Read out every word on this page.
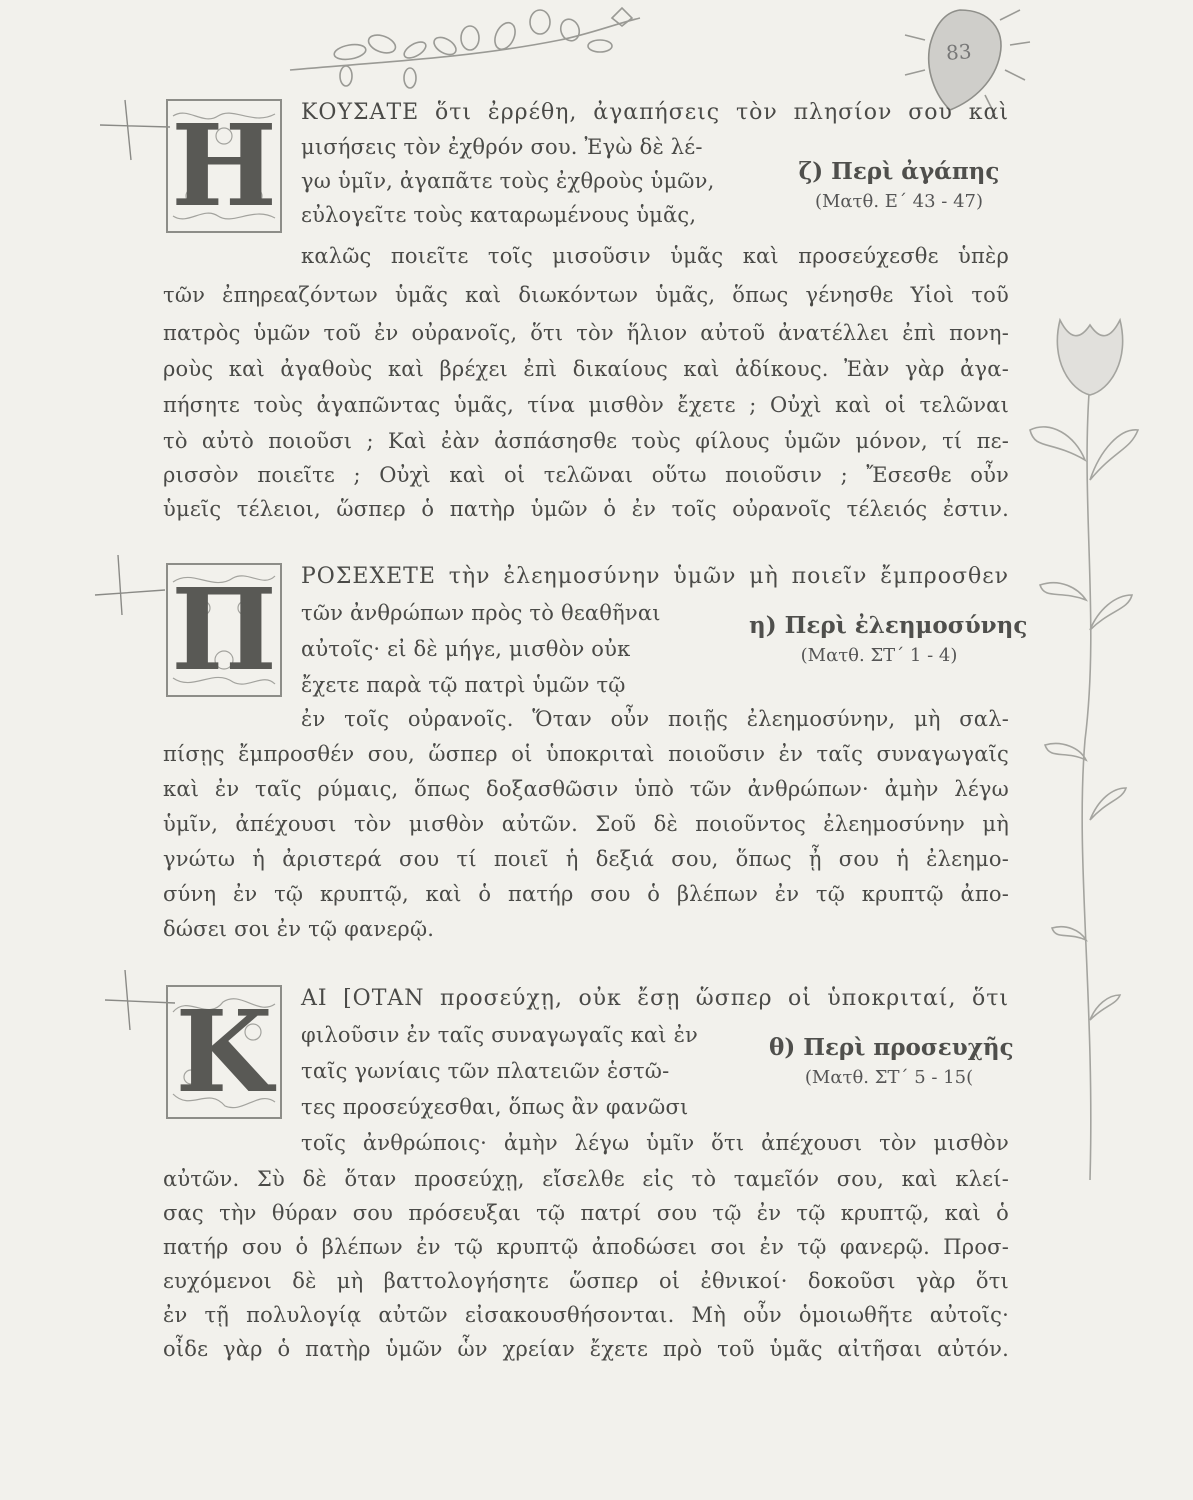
83
Η	ζ) Περὶ ἀγάπης
(Ματθ. Ε΄ 43 - 47)
ΚΟΥΣΑΤΕ ὅτι ἐρρέθη, ἀγαπήσεις τὸν πλησίον σου καὶ
μισήσεις τὸν ἐχθρόν σου. Ἐγὼ δὲ λέ-
γω ὑμῖν, ἀγαπᾶτε τοὺς ἐχθροὺς ὑμῶν,
εὐλογεῖτε τοὺς καταρωμένους ὑμᾶς,
καλῶς ποιεῖτε τοῖς μισοῦσιν ὑμᾶς καὶ προσεύχεσθε ὑπὲρ
τῶν ἐπηρεαζόντων ὑμᾶς καὶ διωκόντων ὑμᾶς, ὅπως γένησθε Υἱοὶ τοῦ
πατρὸς ὑμῶν τοῦ ἐν οὐρανοῖς, ὅτι τὸν ἥλιον αὐτοῦ ἀνατέλλει ἐπὶ πονη-
ροὺς καὶ ἀγαθοὺς καὶ βρέχει ἐπὶ δικαίους καὶ ἀδίκους. Ἐὰν γὰρ ἀγα-
πήσητε τοὺς ἀγαπῶντας ὑμᾶς, τίνα μισθὸν ἔχετε ; Οὐχὶ καὶ οἱ τελῶναι
τὸ αὐτὸ ποιοῦσι ; Καὶ ἐὰν ἀσπάσησθε τοὺς φίλους ὑμῶν μόνον, τί πε-
ρισσὸν ποιεῖτε ; Οὐχὶ καὶ οἱ τελῶναι οὕτω ποιοῦσιν ; Ἔσεσθε οὖν
ὑμεῖς τέλειοι, ὥσπερ ὁ πατὴρ ὑμῶν ὁ ἐν τοῖς οὐρανοῖς τέλειός ἐστιν.
Π	η) Περὶ ἐλεημοσύνης
(Ματθ. ΣΤ΄ 1 - 4)
ΡΟΣΕΧΕΤΕ τὴν ἐλεημοσύνην ὑμῶν μὴ ποιεῖν ἔμπροσθεν
τῶν ἀνθρώπων πρὸς τὸ θεαθῆναι
αὐτοῖς· εἰ δὲ μήγε, μισθὸν οὐκ
ἔχετε παρὰ τῷ πατρὶ ὑμῶν τῷ
ἐν τοῖς οὐρανοῖς. Ὅταν οὖν ποιῇς ἐλεημοσύνην, μὴ σαλ-
πίσῃς ἔμπροσθέν σου, ὥσπερ οἱ ὑποκριταὶ ποιοῦσιν ἐν ταῖς συναγωγαῖς
καὶ ἐν ταῖς ρύμαις, ὅπως δοξασθῶσιν ὑπὸ τῶν ἀνθρώπων· ἀμὴν λέγω
ὑμῖν, ἀπέχουσι τὸν μισθὸν αὐτῶν. Σοῦ δὲ ποιοῦντος ἐλεημοσύνην μὴ
γνώτω ἡ ἀριστερά σου τί ποιεῖ ἡ δεξιά σου, ὅπως ᾖ σου ἡ ἐλεημο-
σύνη ἐν τῷ κρυπτῷ, καὶ ὁ πατήρ σου ὁ βλέπων ἐν τῷ κρυπτῷ ἀπο-
δώσει σοι ἐν τῷ φανερῷ.
Κ	θ) Περὶ προσευχῆς
(Ματθ. ΣΤ΄ 5 - 15(
ΑΙ [ΟΤΑΝ προσεύχῃ, οὐκ ἔσῃ ὥσπερ οἱ ὑποκριταί, ὅτι
φιλοῦσιν ἐν ταῖς συναγωγαῖς καὶ ἐν
ταῖς γωνίαις τῶν πλατειῶν ἑστῶ-
τες προσεύχεσθαι, ὅπως ἂν φανῶσι
τοῖς ἀνθρώποις· ἀμὴν λέγω ὑμῖν ὅτι ἀπέχουσι τὸν μισθὸν
αὐτῶν. Σὺ δὲ ὅταν προσεύχῃ, εἴσελθε εἰς τὸ ταμεῖόν σου, καὶ κλεί-
σας τὴν θύραν σου πρόσευξαι τῷ πατρί σου τῷ ἐν τῷ κρυπτῷ, καὶ ὁ
πατήρ σου ὁ βλέπων ἐν τῷ κρυπτῷ ἀποδώσει σοι ἐν τῷ φανερῷ. Προσ-
ευχόμενοι δὲ μὴ βαττολογήσητε ὥσπερ οἱ ἐθνικοί· δοκοῦσι γὰρ ὅτι
ἐν τῇ πολυλογίᾳ αὐτῶν εἰσακουσθήσονται. Μὴ οὖν ὁμοιωθῆτε αὐτοῖς·
οἶδε γὰρ ὁ πατὴρ ὑμῶν ὧν χρείαν ἔχετε πρὸ τοῦ ὑμᾶς αἰτῆσαι αὐτόν.
